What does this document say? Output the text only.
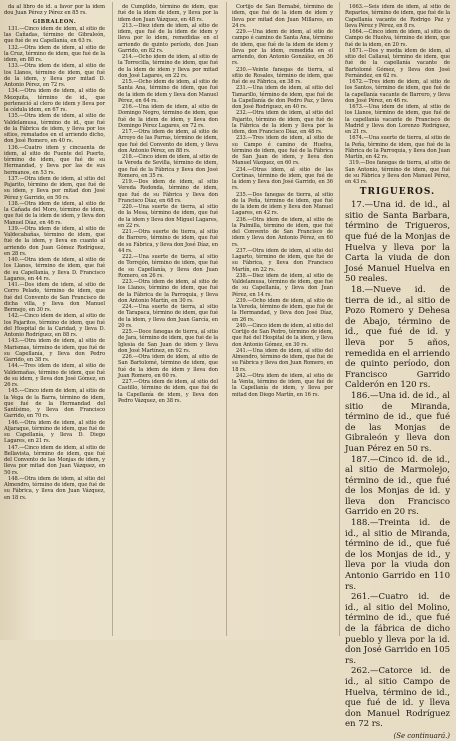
da al libro de id. a favor por la idem dou Juan Pérez y Pérez en 85 rs.

GIBRALEON.

131.—Cinco idem de idem, al sitio de las Cañadas, término de Gibraleón, que fué de su Capellanía, en 63 rs.

132.—Otra idem de idem, al sitio de la Cruz, término de idem, que fué de la idem, en 88 rs.

133.—Otra idem de idem, al sitio de los Llanos, término de idem, que fué de la idem, y lleva por mitad D. Antonio Pérez, en 72 rs.

134.—Otra idem de idem, al sitio de Mezquita, término de id., que perteneció al clero de idem y lleva por la cédula idem, en 67 rs.

135.—Otra idem de idem, al sitio de Valdelamusa, término de id., que fué de la Fábrica de idem, y lleva por los sitios, rematados en el arriendo dicho, don José Romero, en 40 rs.

136.—Cuatro idem y cincuenta de idem, al sitio de Fuente del Puerto, término de idem, que fué de su Hermandad, y lleva por las de sus hermanos, en 53 rs.

137.—Otra idem de idem, al sitio del Pajarito, término de idem, que fué de su idem, y lleva por mitad don José Pérez y Garrido, en 50 rs.

138.—Otra idem de idem, al sitio de la Cañada del Moro, término de idem, que fué de la idem de idem, y lleva don Manuel Díaz, en 46 rs.

139.—Otra idem de idem, al sitio de Valdecabañas, término de idem, que fué de la idem, y lleva en cuanto al arriendo don Juan Gómez Rodríguez, en 28 rs.

140.—Otra idem de idem, al sitio de los Llanos, término de idem, que fué de su Capellanía, y lleva D. Francisco Lagares, en 44 rs.

141.—Dos idem de idem, al sitio de Cerro Pelado, término de idem, que fué del Convento de San Francisco de dicha villa, y lleva don Manuel Bermejo, en 30 rs.

142.—Cinco idem de idem, al sitio de los Pajaritos, término de idem, que fué del Hospital de la Caridad, y lleva D. Antonio Rodríguez, en 88 rs.

143.—Otra idem de idem, al sitio de Marismas, término de idem, que fué de su Capellanía, y lleva don Pedro Garrido, en 38 rs.

144.—Tres idem de idem, al sitio de Valdemañas, término de idem, que fué de su idem, y lleva don José Gómez, en 26 rs.

145.—Cinco idem de idem, al sitio de la Vega de la Barra, término de idem, que fué de la Hermandad del Santísimo, y lleva don Francisco Garrido, en 70 rs.

146.—Otra idem de idem, al sitio de Aljaraque, término de idem, que fué de su Capellanía, y lleva D. Diego Lagares, en 21 rs.

147.—Cinco idem de idem, al sitio de Bellavista, término de idem, que fué del Convento de las Monjas de idem, y lleva por mitad don Juan Vázquez, en 50 rs.

148.—Otra idem de idem, al sitio del Almendro, término de idem, que fué de su Fábrica, y lleva don Juan Vázquez, en 18 rs.

de Cumplido, término de idem, que fué de la idem de idem, y lleva por la idem don Juan Vázquez, en 48 rs.

213.—Diez idem de idem, al sitio de idem, que fué de la idem de idem y lleva por lo idem, remedidas en el arriendo de quinto período, don Juan Garrido, en 82 rs.

214.—Ocho idem de idem, al sitio de la Torrecilla, término de idem, que fué de la idem de idem y lleva por mitad don José Lagares, en 22 rs.

215.—Ocho idem de idem, al sitio de Santa Ana, término de idem, que fué de la idem de idem y lleva don Manuel Pérez, en 64 rs.

216.—Una idem de idem, al sitio de Domingo Negro, término de idem, que fué de la idem de idem, y lleva don Domingo Pérez Lagares, en 72 rs.

217.—Otra idem de idem, al sitio de Arroyo de las Parras, término de idem, que fué del Convento de idem, y lleva don Antonio Pérez, en 88 rs.

218.—Cinco idem de idem, al sitio de la Vereda de Sevilla, término de idem, que fué de la Fábrica y lleva don José Romero, en 35 rs.

219.—Dos idem de idem, al sitio Vereda Redonda, término de idem, que fué de su Fábrica y lleva don Francisco Díaz, en 68 rs.

220.—Una suerte de tierra, al sitio de la Mesa, término de idem, que fué de la idem y lleva don Miguel Lagares, en 22 rs.

221.—Otra suerte de tierra, al sitio de Barrero, término de idem, que fué de su Fábrica, y lleva don José Díaz, en 44 rs.

222.—Una suerte de tierra, al sitio de Torrejón, término de idem, que fué de su Capellanía, y lleva don Juan Romero, en 26 rs.

223.—Otra idem de idem, al sitio de los Llanos, término de idem, que fué de la Fábrica de la Parroquia, y lleva don Antonio Martín, en 30 rs.

224.—Una suerte de tierra, al sitio de Tarapaca, término de idem, que fué de la idem, y lleva don Juan García, en 20 rs.

225.—Doce fanegas de tierra, al sitio de Jara, término de idem, que fué de la Iglesia de San Juan de idem y lleva don José Martínez, en 92 rs.

226.—Otra idem de idem, al sitio de San Bartolomé, término de idem, que fué de la idem de idem y lleva don Juan Romero, en 60 rs.

227.—Otra idem de idem, al sitio del Castillo, término de idem, que fué de la Capellanía de idem, y lleva don Pedro Vázquez, en 38 rs.

Cortijo de San Bernabé, término de idem, que fué de la idem de idem y lleva por mitad don Juan Millares, en 24 rs.

229.—Una idem de idem, al sitio de campo é camino de Santa Ana, término de idem, que fué de la idem de idem y lleva por la idem, remedida en el arriendo, don Antonio González, en 36 rs.

230.—Veinte fanegas de tierra, al sitio de Rosales, término de idem, que fué de su Fábrica, en 38 rs.

231.—Una idem de idem, al sitio del Tamarillo, término de idem, que fué de la Capellanía de don Pedro Paz, y lleva don José Rodríguez, en 40 rs.

232.—Otra idem de idem, al sitio del Pajarito, término de idem, que fué de la Fábrica de la idem y lleva por la idem, don Francisco Díaz, en 48 rs.

233.—Tres idem de idem, al sitio de su Campo é camino de Huelva, término de idem, que fué de la Fábrica de San Juan de idem, y lleva don Manuel Vázquez, en 60 rs.

234.—Otras idem, al sitio de las Cortinas, término de idem, que fué de la idem y lleva don José Garrido, en 36 rs.

235.—Dos fanegas de tierra, al sitio de la Peña, término de idem, que fué de la idem de idem y lleva don Manuel Lagares, en 42 rs.

236.—Otra idem de idem, al sitio de la Palmilla, término de idem, que fué del Convento de San Francisco de idem y lleva don Antonio Pérez, en 60 rs.

237.—Otra idem de idem, al sitio del Lagarto, término de idem, que fué de su Fábrica, y lleva don Francisco Martín, en 22 rs.

238.—Diez idem de idem, al sitio de Valdelamusa, término de idem, que fué de su Capellanía, y lleva don Juan Pérez, en 14 rs.

239.—Ocho idem de idem, al sitio de la Vereda, término de idem, que fué de la Hermandad, y lleva don José Díaz, en 26 rs.

240.—Cinco idem de idem, al sitio del Cortijo de San Pedro, término de idem, que fué del Hospital de la idem, y lleva don Antonio Gómez, en 30 rs.

241.—Una idem de idem, al sitio del Almendro, término de idem, que fué de su Fábrica y lleva don Juan Romero, en 18 rs.

242.—Otra idem de idem, al sitio de la Venta, término de idem, que fué de la Capellanía de idem, y lleva por mitad don Diego Martín, en 16 rs.

1663.—Seis idem de idem, al sitio de Repartos, término de idem, que fué de la Capellanía vacante de Rodrigo Paz y lleva Pérez y Pérez, en 8 rs.

1664.—Cinco idem de idem, al sitio de Campo de Huelva, término de idem, que fué de la idem, en 20 rs.

1671.—Dos y media idem de idem, al sitio del Callaval, término de idem, que fué de la capellanía vacante de Bartolomé Gómez, y lleva don José Fernández, en 62 rs.

1672.—Tres idem de idem, al sitio de los Santos, término de idem, que fué de la capellanía vacante de Barrero, y lleva don José Pérez, en 46 rs.

1673.—Una idem de idem, al sitio de los Llanos, término de idem, que fué de la capellanía vacante de Francisco de Madrid y lleva don Lorenzo Rodríguez, en 21 rs.

1674.—Una suerte de tierra, al sitio de la Peña, término de idem, que fué de la Fábrica de la Parroquia, y lleva don Juan Martín, en 42 rs.

319.—Dos fanegas de tierra, al sitio de San Antonio, término de idem, que fué de su Fábrica y lleva don Manuel Pérez, en 43 rs.

TRIGUEROS.

17.—Una id. de id., al sitio de Santa Barbara, término de Trigueros, que fué de la Monjas de Huelva y lleva por la Carta la viuda de don José Manuel Huelva en 50 reales.

18.—Nueve id. de tierra de id., al sitio de Pozo Romero y Dehesa de Abajo, término de id., que fué de id. y lleva por 5 años, remedida en el arriendo de quinto período, don Francisco Garrido Calderón en 120 rs.

186.—Una id. de id., al sitio de Miranda, término de id., que fué de las Monjas de Gibraleón y lleva don Juan Pérez en 50 rs.

187.—Cinco id. de id., al sitio de Marmolejo, término de id., que fué de los Monjas de id. y lleva don Francisco Garrido en 20 rs.

188.—Treinta id. de id., al sitio de Miranda, término de id., que fué de los Monjas de id., y lleva por la viuda don Antonio Garrido en 110 rs.

261.—Cuatro id. de id., al sitio del Molino, término de id., que fué de la fábrica de dicho pueblo y lleva por la id. don José Garrido en 105 rs.

262.—Catorce id. de id., al sitio Campo de Huelva, término de id., que fué de id. y lleva don Manuel Rodríguez en 72 rs.

(Se continuará.)
